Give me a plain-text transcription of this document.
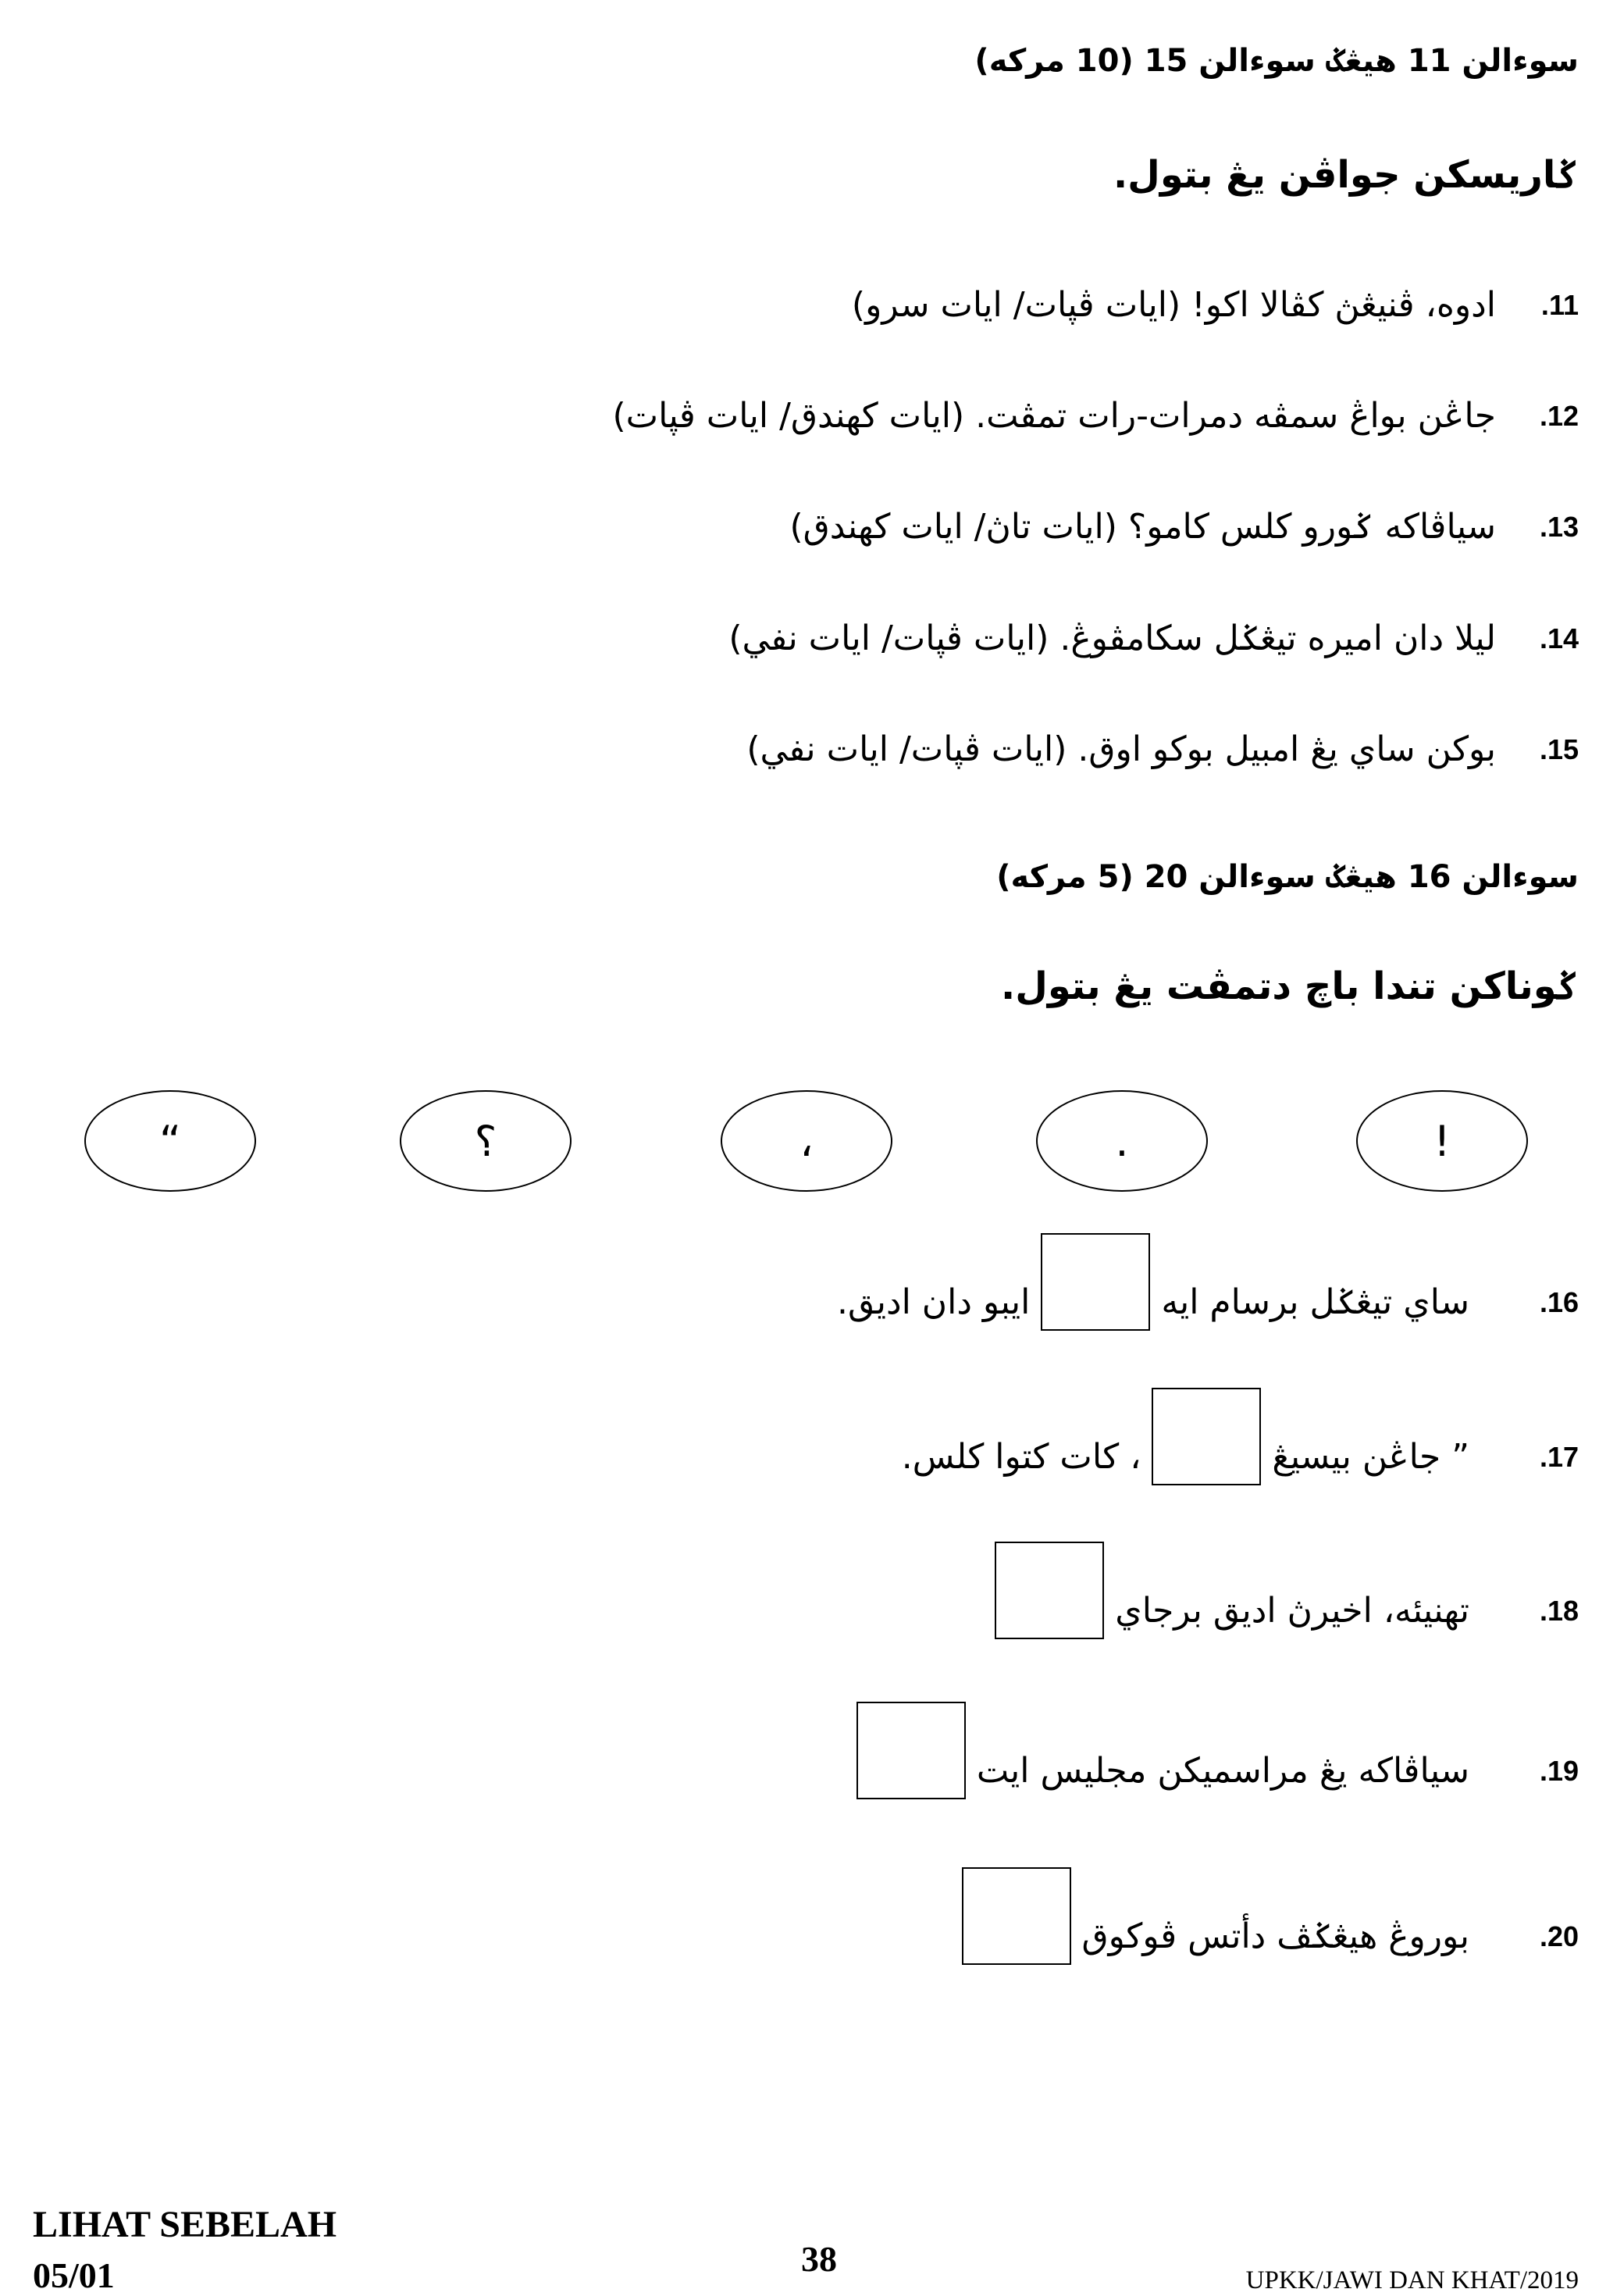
سوءالن 11 هيڠݢ سوءالن 15 (10 مرکه)
ݢاريسکن جواڤن يڠ بتول.
11.
ادوه، ڤنيڠڽ کڤالا اکو! (ايات ڤڽات/ ايات سرو)
12.
جاڠن بواڠ سمڤه دمرات-رات تمڤت. (ايات کهندق/ ايات ڤڽات)
13.
سياڤاکه ݢورو کلس کامو؟ (ايات تاڽ/ ايات کهندق)
14.
ليلا دان اميره تيڠݢل سکامڤوڠ. (ايات ڤڽات/ ايات نفي)
15.
بوکن ساي يڠ امبيل بوکو اوق. (ايات ڤڽات/ ايات نفي)
سوءالن 16 هيڠݢ سوءالن 20 (5 مرکه)
ݢوناکن تندا باچ دتمڤت يڠ بتول.
“	؟	،	.	!
16.
ساي تيڠݢل برسام ايه
ايبو دان اديق.
17.
” جاڠن بيسيڠ
، کات کتوا کلس.
18.
تهنيئه، اخيرڽ اديق برجاي
19.
سياڤاکه يڠ مراسميکن مجليس ايت
20.
بوروڠ هيڠݢڤ دأتس ڤوکوق
LIHAT SEBELAH
05/01	38
UPKK/JAWI DAN KHAT/2019
